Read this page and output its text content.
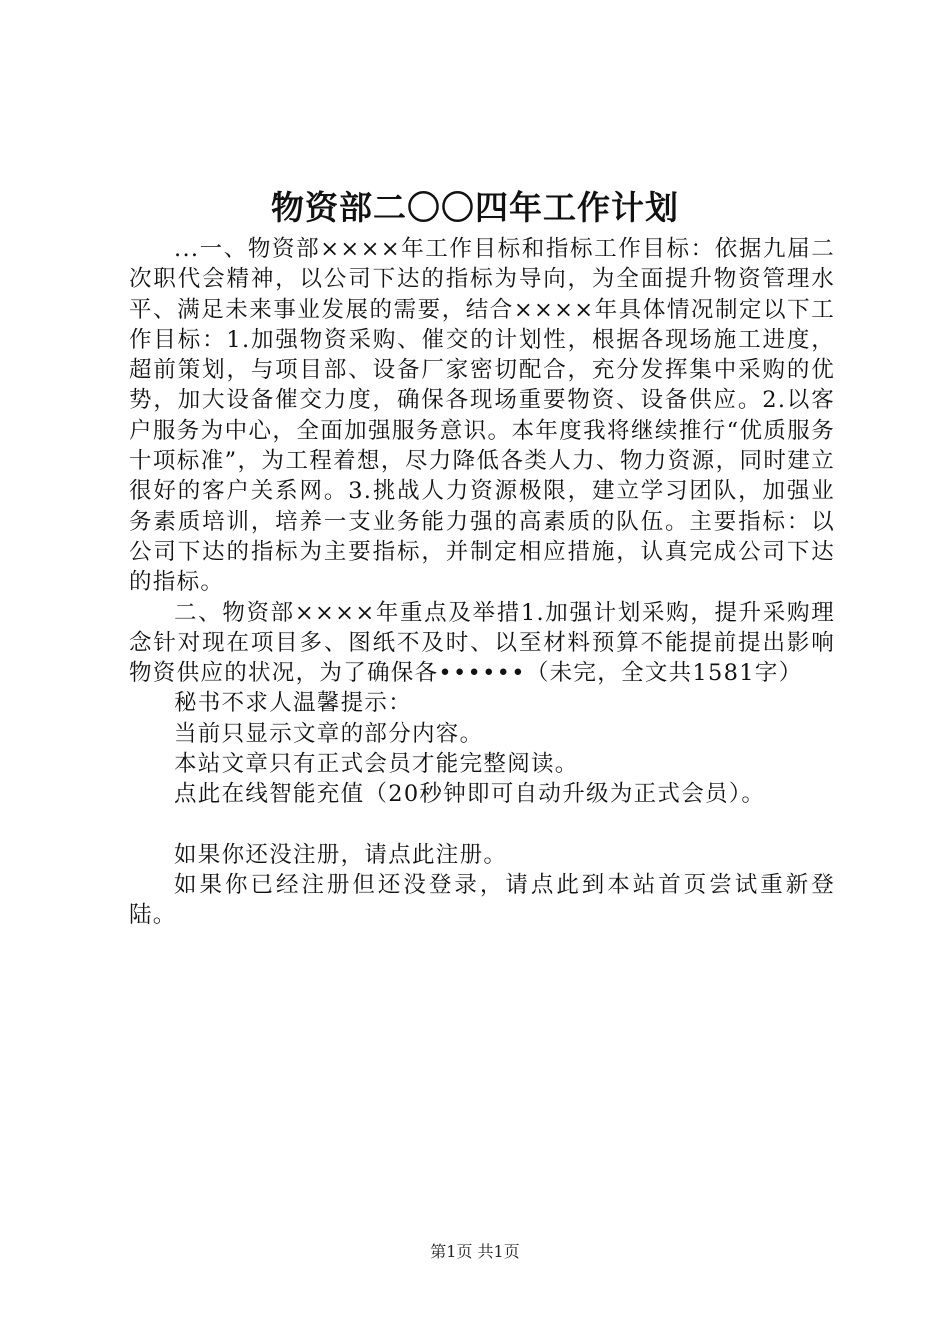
物资部二〇〇四年工作计划

...一、物资部××××年工作目标和指标工作目标：依据九届二次职代会精神，以公司下达的指标为导向，为全面提升物资管理水平、满足未来事业发展的需要，结合××××年具体情况制定以下工作目标：1.加强物资采购、催交的计划性，根据各现场施工进度，超前策划，与项目部、设备厂家密切配合，充分发挥集中采购的优势，加大设备催交力度，确保各现场重要物资、设备供应。2.以客户服务为中心，全面加强服务意识。本年度我将继续推行“优质服务十项标准”，为工程着想，尽力降低各类人力、物力资源，同时建立很好的客户关系网。3.挑战人力资源极限，建立学习团队，加强业务素质培训，培养一支业务能力强的高素质的队伍。主要指标：以公司下达的指标为主要指标，并制定相应措施，认真完成公司下达的指标。

二、物资部××××年重点及举措1.加强计划采购，提升采购理念针对现在项目多、图纸不及时、以至材料预算不能提前提出影响物资供应的状况，为了确保各••••••（未完，全文共1581字）

秘书不求人温馨提示：

当前只显示文章的部分内容。

本站文章只有正式会员才能完整阅读。

点此在线智能充值（20秒钟即可自动升级为正式会员）。

如果你还没注册，请点此注册。

如果你已经注册但还没登录，请点此到本站首页尝试重新登陆。

第1页 共1页
